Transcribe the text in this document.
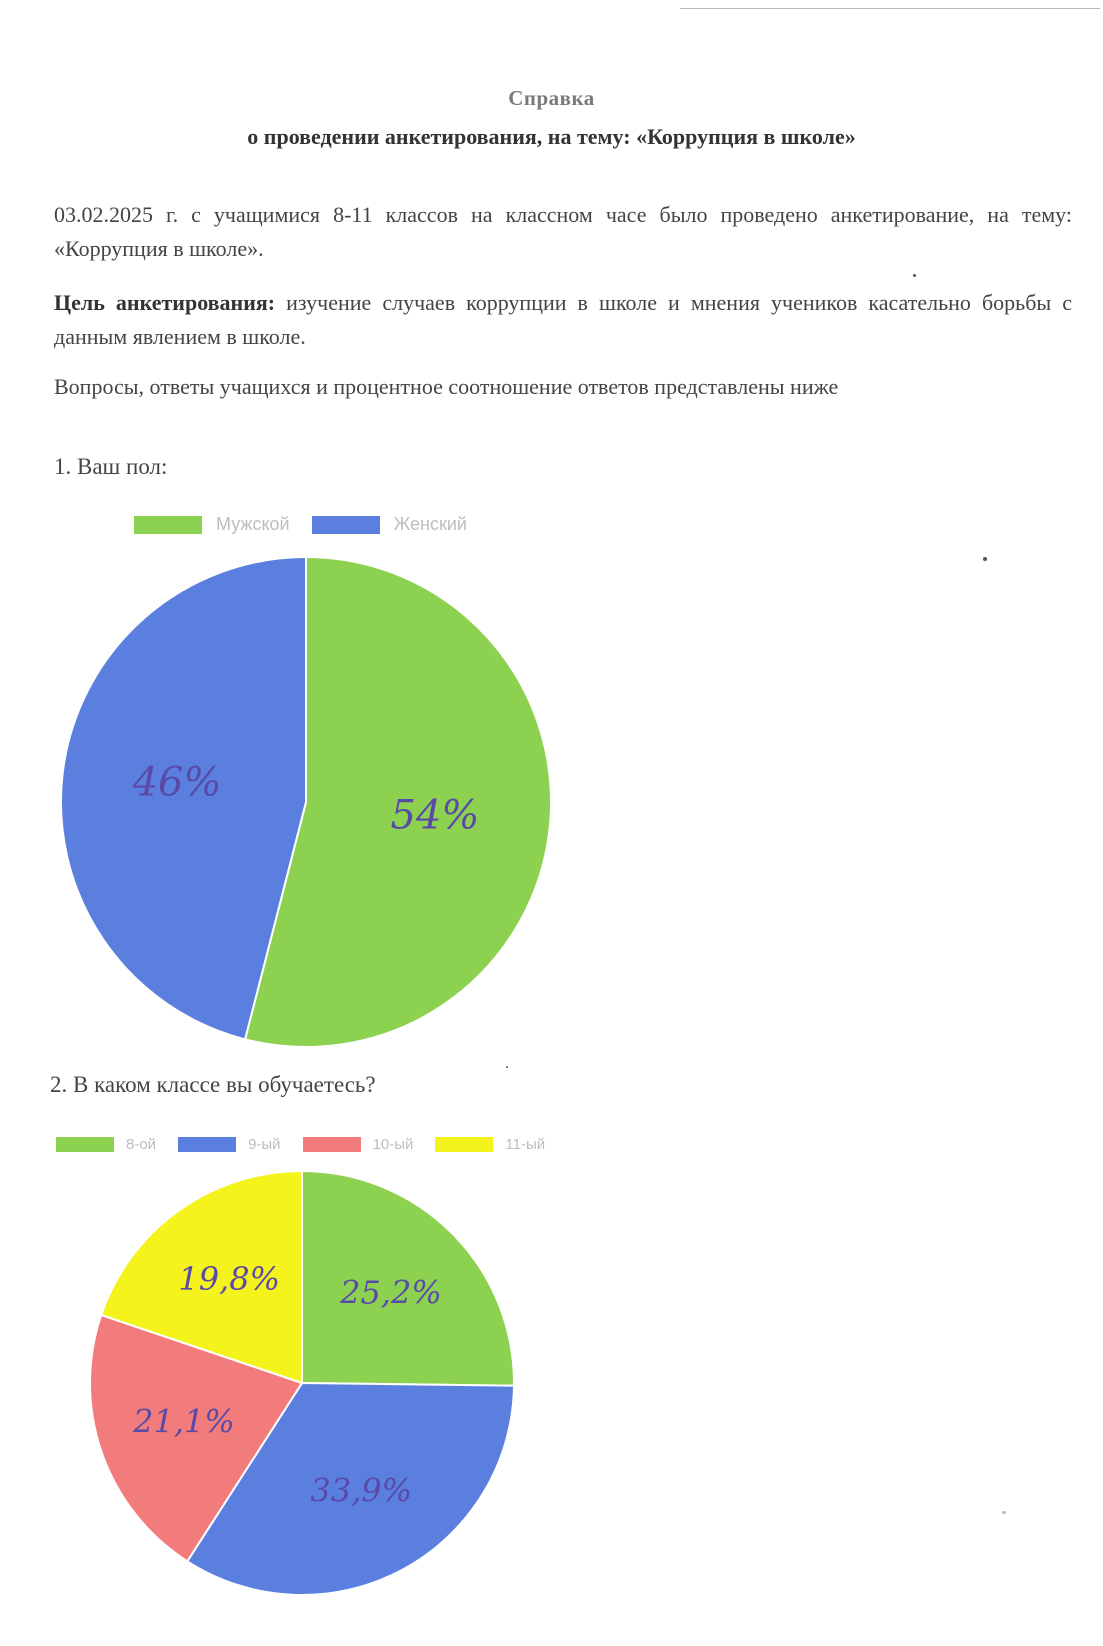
Справка
о проведении анкетирования, на тему: «Коррупция в школе»
03.02.2025 г. с учащимися 8-11 классов на классном часе было проведено анкетирование, на тему: «Коррупция в школе».
Цель анкетирования: изучение случаев коррупции в школе и мнения учеников касательно борьбы с данным явлением в школе.
Вопросы, ответы учащихся и процентное соотношение ответов представлены ниже
1. Ваш пол:
Мужской	Женский
54%
46%
2. В каком классе вы обучаетесь?
8-ой	9-ый	10-ый	11-ый
25,2%
33,9%
21,1%
19,8%
